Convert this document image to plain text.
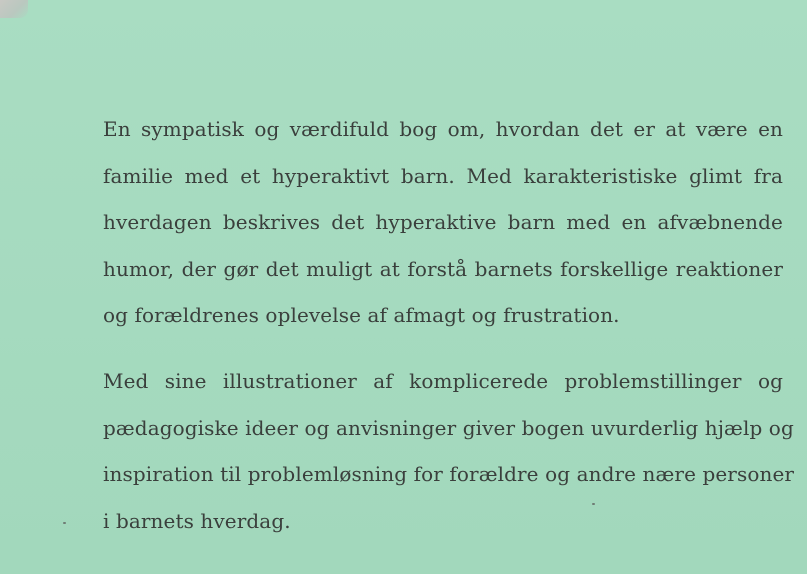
En sympatisk og værdifuld bog om, hvordan det er at være en
familie med et hyperaktivt barn. Med karakteristiske glimt fra
hverdagen beskrives det hyperaktive barn med en afvæbnende
humor, der gør det muligt at forstå barnets forskellige reaktioner
og forældrenes oplevelse af afmagt og frustration.
Med sine illustrationer af komplicerede problemstillinger og
pædagogiske ideer og anvisninger giver bogen uvurderlig hjælp og
inspiration til problemløsning for forældre og andre nære personer
i barnets hverdag.
